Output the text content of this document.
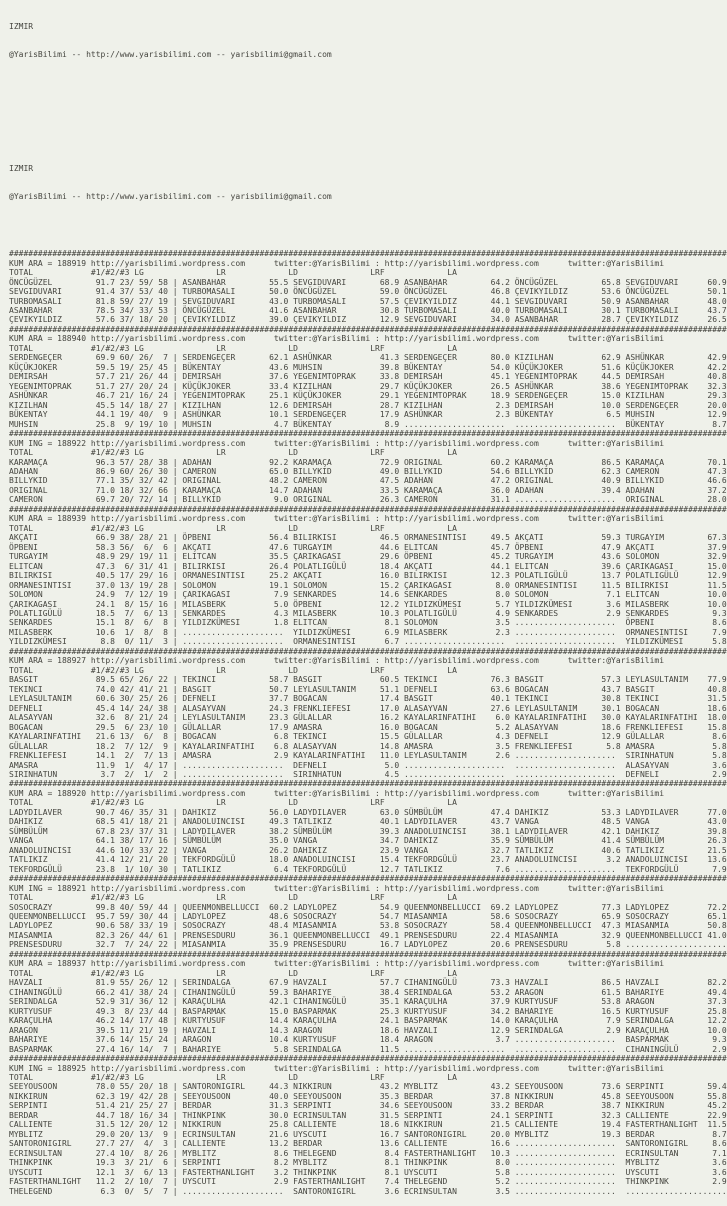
IZMIR

@YarisBilimi -- http://www.yarisbilimi.com -- yarisbilimi@gmail.com

IZMIR

@YarisBilimi -- http://www.yarisbilimi.com -- yarisbilimi@gmail.com

#####################################################################################################################################################
KUM ARA = 188919 http://yarisbilimi.wordpress.com      twitter:@YarisBilimi : http://yarisbilimi.wordpress.com      twitter:@YarisBilimi
TOTAL            #1/#2/#3 LG               LR             LD               LRF             LA
ÖNCÜGÜZEL         91.7 23/ 59/ 58 | ASANBAHAR         55.5 SEVGIDUVARI       68.9 ASANBAHAR         64.2 ÖNCÜGÜZEL         65.8 SEVGIDUVARI      60.9
SEVGIDUVARI       91.4 37/ 53/ 40 | TURBOMASALI       50.0 ÖNCÜGÜZEL         59.0 ÖNCÜGÜZEL         46.8 ÇEVIKYILDIZ       53.6 ÖNCÜGÜZEL        50.1
TURBOMASALI       81.8 59/ 27/ 19 | SEVGIDUVARI       43.0 TURBOMASALI       57.5 ÇEVIKYILDIZ       44.1 SEVGIDUVARI       50.9 ASANBAHAR        48.0
ASANBAHAR         78.5 34/ 33/ 53 | ÖNCÜGÜZEL         41.6 ASANBAHAR         30.8 TURBOMASALI       40.0 TURBOMASALI       30.1 TURBOMASALI      43.7
ÇEVIKYILDIZ       57.6 37/ 18/ 20 | ÇEVIKYILDIZ       39.0 ÇEVIKYILDIZ       12.9 SEVGIDUVARI       34.0 ASANBAHAR         28.7 ÇEVIKYILDIZ      26.5
#####################################################################################################################################################
KUM ARA = 188940 http://yarisbilimi.wordpress.com      twitter:@YarisBilimi : http://yarisbilimi.wordpress.com      twitter:@YarisBilimi
TOTAL            #1/#2/#3 LG               LR             LD               LRF             LA
SERDENGEÇER       69.9 60/ 26/  7 | SERDENGEÇER       62.1 ASHÜNKAR          41.3 SERDENGEÇER       80.0 KIZILHAN          62.9 ASHÜNKAR         42.9
KÜÇÜKJOKER        59.5 19/ 25/ 45 | BÜKENTAY          43.6 MUHSIN            39.8 BÜKENTAY          54.0 KÜÇÜKJOKER        51.6 KÜÇÜKJOKER       42.2
DEMIRSAH          57.7 21/ 26/ 44 | DEMIRSAH          37.6 YEGENIMTOPRAK     33.8 DEMIRSAH          45.1 YEGENIMTOPRAK     44.5 DEMIRSAH         40.8
YEGENIMTOPRAK     51.7 27/ 20/ 24 | KÜÇÜKJOKER        33.4 KIZILHAN          29.7 KÜÇÜKJOKER        26.5 ASHÜNKAR          38.6 YEGENIMTOPRAK    32.3
ASHÜNKAR          46.7 21/ 16/ 24 | YEGENIMTOPRAK     25.1 KÜÇÜKJOKER        29.1 YEGENIMTOPRAK     18.9 SERDENGEÇER       15.0 KIZILHAN         29.3
KIZILHAN          45.5 14/ 18/ 27 | KIZILHAN          12.6 DEMIRSAH          28.7 KIZILHAN           2.3 DEMIRSAH          10.0 SERDENGEÇER      20.0
BÜKENTAY          44.1 19/ 40/  9 | ASHÜNKAR          10.1 SERDENGEÇER       17.9 ASHÜNKAR           2.3 BÜKENTAY           6.5 MUHSIN           12.9
MUHSIN            25.8  9/ 19/ 10 | MUHSIN             4.7 BÜKENTAY           8.9 .....................  .....................  BÜKENTAY          8.7
#####################################################################################################################################################
KUM ING = 188922 http://yarisbilimi.wordpress.com      twitter:@YarisBilimi : http://yarisbilimi.wordpress.com      twitter:@YarisBilimi
TOTAL            #1/#2/#3 LG               LR             LD               LRF             LA
KARAMAÇA          96.3 57/ 28/ 38 | ADAHAN            92.2 KARAMAÇA          72.9 ORIGINAL          60.2 KARAMAÇA          86.5 KARAMAÇA         70.1
ADAHAN            86.9 60/ 26/ 30 | CAMERON           65.0 BILLYKID          49.0 BILLYKID          54.6 BILLYKID          62.3 CAMERON          47.3
BILLYKID          77.1 35/ 32/ 42 | ORIGINAL          48.2 CAMERON           47.5 ADAHAN            47.2 ORIGINAL          40.9 BILLYKID         46.6
ORIGINAL          71.0 18/ 32/ 66 | KARAMAÇA          14.7 ADAHAN            33.5 KARAMAÇA          36.0 ADAHAN            39.4 ADAHAN           37.2
CAMERON           69.7 20/ 72/ 14 | BILLYKID           9.0 ORIGINAL          26.3 CAMERON           31.1 .....................  ORIGINAL         28.0
#####################################################################################################################################################
KUM ARA = 188939 http://yarisbilimi.wordpress.com      twitter:@YarisBilimi : http://yarisbilimi.wordpress.com      twitter:@YarisBilimi
TOTAL            #1/#2/#3 LG               LR             LD               LRF             LA
AKÇATI            66.9 38/ 28/ 21 | ÖPBENI            56.4 BILIRKISI         46.5 ORMANESINTISI     49.5 AKÇATI            59.3 TURGAYIM         67.3
ÖPBENI            58.3 56/  6/  6 | AKÇATI            47.6 TURGAYIM          44.6 ELITCAN           45.7 ÖPBENI            47.9 AKÇATI           37.9
TURGAYIM          48.9 29/ 19/ 11 | ELITCAN           35.5 ÇARIKAGASI        29.6 ÖPBENI            45.2 TURGAYIM          43.6 SOLOMON          32.9
ELITCAN           47.3  6/ 31/ 41 | BILIRKISI         26.4 POLATLIGÜLÜ       18.4 AKÇATI            44.1 ELITCAN           39.6 ÇARIKAGASI       15.0
BILIRKISI         40.5 17/ 29/ 16 | ORMANESINTISI     25.2 AKÇATI            16.0 BILIRKISI         12.3 POLATLIGÜLÜ       13.7 POLATLIGÜLÜ      12.9
ORMANESINTISI     37.0 13/ 19/ 28 | SOLOMON           19.1 SOLOMON           15.2 ÇARIKAGASI         8.0 ORMANESINTISI     11.5 BILIRKISI        11.5
SOLOMON           24.9  7/ 12/ 19 | ÇARIKAGASI         7.9 SENKARDES         14.6 SENKARDES          8.0 SOLOMON            7.1 ELITCAN          10.0
ÇARIKAGASI        24.1  8/ 15/ 16 | MILASBERK          5.0 ÖPBENI            12.2 YILDIZKÜMESI       5.7 YILDIZKÜMESI       3.6 MILASBERK        10.0
POLATLIGÜLÜ       18.5  7/  6/ 13 | SENKARDES          4.3 MILASBERK         10.3 POLATLIGÜLÜ        4.9 SENKARDES          2.9 SENKARDES         9.3
SENKARDES         15.1  8/  6/  8 | YILDIZKÜMESI       1.8 ELITCAN            8.1 SOLOMON            3.5 .....................  ÖPBENI            8.6
MILASBERK         10.6  1/  8/  8 | .....................  YILDIZKÜMESI       6.9 MILASBERK          2.3 .....................  ORMANESINTISI     7.9
YILDIZKÜMESI       8.8  0/ 11/  3 | .....................  ORMANESINTISI      6.7 .....................  .....................  YILDIZKÜMESI      5.8
#####################################################################################################################################################
KUM ARA = 188927 http://yarisbilimi.wordpress.com      twitter:@YarisBilimi : http://yarisbilimi.wordpress.com      twitter:@YarisBilimi
TOTAL            #1/#2/#3 LG               LR             LD               LRF             LA
BASGIT            89.5 65/ 26/ 22 | TEKINCI           58.7 BASGIT            60.5 TEKINCI           76.3 BASGIT            57.3 LEYLASULTANIM    77.9
TEKINCI           74.0 42/ 41/ 21 | BASGIT            50.7 LEYLASULTANIM     51.1 DEFNELI           63.6 BOGACAN           43.7 BASGIT           40.8
LEYLASULTANIM     60.6 30/ 25/ 26 | DEFNELI           37.7 BOGACAN           17.4 BASGIT            40.1 TEKINCI           30.8 TEKINCI          31.5
DEFNELI           45.4 14/ 24/ 38 | ALASAYVAN         24.3 FRENKLIEFESI      17.0 ALASAYVAN         27.6 LEYLASULTANIM     30.1 BOGACAN          18.6
ALASAYVAN         32.6  8/ 21/ 24 | LEYLASULTANIM     23.3 GÜLALLAR          16.2 KAYALARINFATIHI    6.0 KAYALARINFATIHI   30.0 KAYALARINFATIHI  18.0
BOGACAN           29.5  6/ 23/ 10 | GÜLALLAR          17.9 AMASRA            16.0 BOGACAN            5.2 ALASAYVAN         18.6 FRENKLIEFESI     15.8
KAYALARINFATIHI   21.6 13/  6/  8 | BOGACAN            6.8 TEKINCI           15.5 GÜLALLAR           4.3 DEFNELI           12.9 GÜLALLAR          8.6
GÜLALLAR          18.2  7/ 12/  9 | KAYALARINFATIHI    6.8 ALASAYVAN         14.8 AMASRA             3.5 FRENKLIEFESI       5.8 AMASRA            5.8
FRENKLIEFESI      14.1  2/  7/ 13 | AMASRA             2.9 KAYALARINFATIHI   11.0 LEYLASULTANIM      2.6 .....................  SIRINHATUN        5.8
AMASRA            11.9  1/  4/ 17 | .....................  DEFNELI            5.0 .....................  .....................  ALASAYVAN         3.6
SIRINHATUN         3.7  2/  1/  2 | .....................  SIRINHATUN         4.5 .....................  .....................  DEFNELI           2.9
#####################################################################################################################################################
KUM ARA = 188920 http://yarisbilimi.wordpress.com      twitter:@YarisBilimi : http://yarisbilimi.wordpress.com      twitter:@YarisBilimi
TOTAL            #1/#2/#3 LG               LR             LD               LRF             LA
LADYDILAVER       90.7 46/ 35/ 31 | DAHIKIZ           56.0 LADYDILAVER       63.0 SÜMBÜLÜM          47.4 DAHIKIZ           53.3 LADYDILAVER      77.0
DAHIKIZ           68.5 41/ 18/ 21 | ANADOLUINCISI     49.3 TATLIKIZ          40.1 LADYDILAVER       43.7 VANGA             48.5 VANGA            43.0
SÜMBÜLÜM          67.8 23/ 37/ 31 | LADYDILAVER       38.2 SÜMBÜLÜM          39.3 ANADOLUINCISI     38.1 LADYDILAVER       42.1 DAHIKIZ          39.8
VANGA             64.1 38/ 17/ 16 | SÜMBÜLÜM          35.0 VANGA             34.7 DAHIKIZ           35.9 SÜMBÜLÜM          41.4 SÜMBÜLÜM         26.3
ANADOLUINCISI     44.6 10/ 33/ 22 | VANGA             26.2 DAHIKIZ           23.9 VANGA             32.7 TATLIKIZ          40.6 TATLIKIZ         21.5
TATLIKIZ          41.4 12/ 21/ 20 | TEKFORDGÜLÜ       18.0 ANADOLUINCISI     15.4 TEKFORDGÜLÜ       23.7 ANADOLUINCISI      3.2 ANADOLUINCISI    13.6
TEKFORDGÜLÜ       23.8  1/ 10/ 30 | TATLIKIZ           6.4 TEKFORDGÜLÜ       12.7 TATLIKIZ           7.6 .....................  TEKFORDGÜLÜ       7.9
#####################################################################################################################################################
KUM ING = 188921 http://yarisbilimi.wordpress.com      twitter:@YarisBilimi : http://yarisbilimi.wordpress.com      twitter:@YarisBilimi
TOTAL            #1/#2/#3 LG               LR             LD               LRF             LA
SOSOCRAZY         99.8 40/ 59/ 44 | QUEENMONBELLUCCI  60.2 LADYLOPEZ         54.9 QUEENMONBELLUCCI  69.2 LADYLOPEZ         77.3 LADYLOPEZ        72.2
QUEENMONBELLUCCI  95.7 59/ 30/ 44 | LADYLOPEZ         48.6 SOSOCRAZY         54.7 MIASANMIA         58.6 SOSOCRAZY         65.9 SOSOCRAZY        65.1
LADYLOPEZ         90.6 58/ 33/ 19 | SOSOCRAZY         48.4 MIASANMIA         53.8 SOSOCRAZY         58.4 QUEENMONBELLUCCI  47.3 MIASANMIA        50.8
MIASANMIA         82.3 26/ 44/ 61 | PRENSESDURU       36.1 QUEENMONBELLUCCI  49.1 PRENSESDURU       22.4 MIASANMIA         32.9 QUEENMONBELLUCCI 41.0
PRENSESDURU       32.7  7/ 24/ 22 | MIASANMIA         35.9 PRENSESDURU       16.7 LADYLOPEZ         20.6 PRENSESDURU        5.8 .....................
#####################################################################################################################################################
KUM ARA = 188937 http://yarisbilimi.wordpress.com      twitter:@YarisBilimi : http://yarisbilimi.wordpress.com      twitter:@YarisBilimi
TOTAL            #1/#2/#3 LG               LR             LD               LRF             LA
HAVZALI           81.9 55/ 26/ 12 | SERINDALGA        67.9 HAVZALI           57.7 CIHANINGÜLÜ       73.3 HAVZALI           86.5 HAVZALI          82.2
CIHANINGÜLÜ       66.2 41/ 38/ 24 | CIHANINGÜLÜ       59.3 BAHARIYE          38.4 SERINDALGA        53.2 ARAGON            61.5 BAHARIYE         49.4
SERINDALGA        52.9 31/ 36/ 12 | KARAÇULHA         42.1 CIHANINGÜLÜ       35.1 KARAÇULHA         37.9 KURTYUSUF         53.8 ARAGON           37.3
KURTYUSUF         49.3  8/ 23/ 44 | BASPARMAK         15.0 BASPARMAK         25.3 KURTYUSUF         34.2 BAHARIYE          16.5 KURTYUSUF        25.8
KARAÇULHA         46.2 14/ 17/ 48 | KURTYUSUF         14.4 KARAÇULHA         24.1 BASPARMAK         14.0 KARAÇULHA          7.9 SERINDALGA       12.2
ARAGON            39.5 11/ 21/ 19 | HAVZALI           14.3 ARAGON            18.6 HAVZALI           12.9 SERINDALGA         2.9 KARAÇULHA        10.0
BAHARIYE          37.6 14/ 15/ 24 | ARAGON            10.4 KURTYUSUF         18.4 ARAGON             3.7 .....................  BASPARMAK         9.3
BASPARMAK         27.4 16/ 14/  7 | BAHARIYE           5.8 SERINDALGA        11.5 .....................  .....................  CIHANINGÜLÜ       2.9
#####################################################################################################################################################
KUM ING = 188925 http://yarisbilimi.wordpress.com      twitter:@YarisBilimi : http://yarisbilimi.wordpress.com      twitter:@YarisBilimi
TOTAL            #1/#2/#3 LG               LR             LD               LRF             LA
SEEYOUSOON        78.0 55/ 20/ 18 | SANTORONIGIRL     44.3 NIKKIRUN          43.2 MYBLITZ           43.2 SEEYOUSOON        73.6 SERPINTI         59.4
NIKKIRUN          62.3 19/ 42/ 28 | SEEYOUSOON        40.0 SEEYOUSOON        35.3 BERDAR            37.8 NIKKIRUN          45.8 SEEYOUSOON       55.8
SERPINTI          51.4 21/ 25/ 27 | BERDAR            31.3 SERPINTI          34.6 SEEYOUSOON        33.2 BERDAR            38.7 NIKKIRUN         45.2
BERDAR            44.7 18/ 16/ 34 | THINKPINK         30.0 ECRINSULTAN       31.5 SERPINTI          24.1 SERPINTI          32.3 CALLIENTE        22.9
CALLIENTE         31.5 12/ 20/ 12 | NIKKIRUN          25.8 CALLIENTE         18.6 NIKKIRUN          21.5 CALLIENTE         19.4 FASTERTHANLIGHT  11.5
MYBLITZ           29.0 20/ 13/  9 | ECRINSULTAN       21.6 UYSCUTI           16.7 SANTORONIGIRL     20.0 MYBLITZ           19.3 BERDAR            8.7
SANTORONIGIRL     27.7 27/  4/  3 | CALLIENTE         13.2 BERDAR            13.6 CALLIENTE         16.6 .....................  SANTORONIGIRL     8.6
ECRINSULTAN       27.4 10/  8/ 26 | MYBLITZ            8.6 THELEGEND          8.4 FASTERTHANLIGHT   10.3 .....................  ECRINSULTAN       7.1
THINKPINK         19.3  3/ 21/  6 | SERPINTI           8.2 MYBLITZ            8.1 THINKPINK          8.0 .....................  MYBLITZ           3.6
UYSCUTI           12.1  3/  6/ 13 | FASTERTHANLIGHT    3.2 THINKPINK          8.1 UYSCUTI            5.8 .....................  UYSCUTI           3.6
FASTERTHANLIGHT   11.2  2/ 10/  7 | UYSCUTI            2.9 FASTERTHANLIGHT    7.4 THELEGEND          5.2 .....................  THINKPINK         2.9
THELEGEND          6.3  0/  5/  7 | .....................  SANTORONIGIRL      3.6 ECRINSULTAN        3.5 .....................  .....................
